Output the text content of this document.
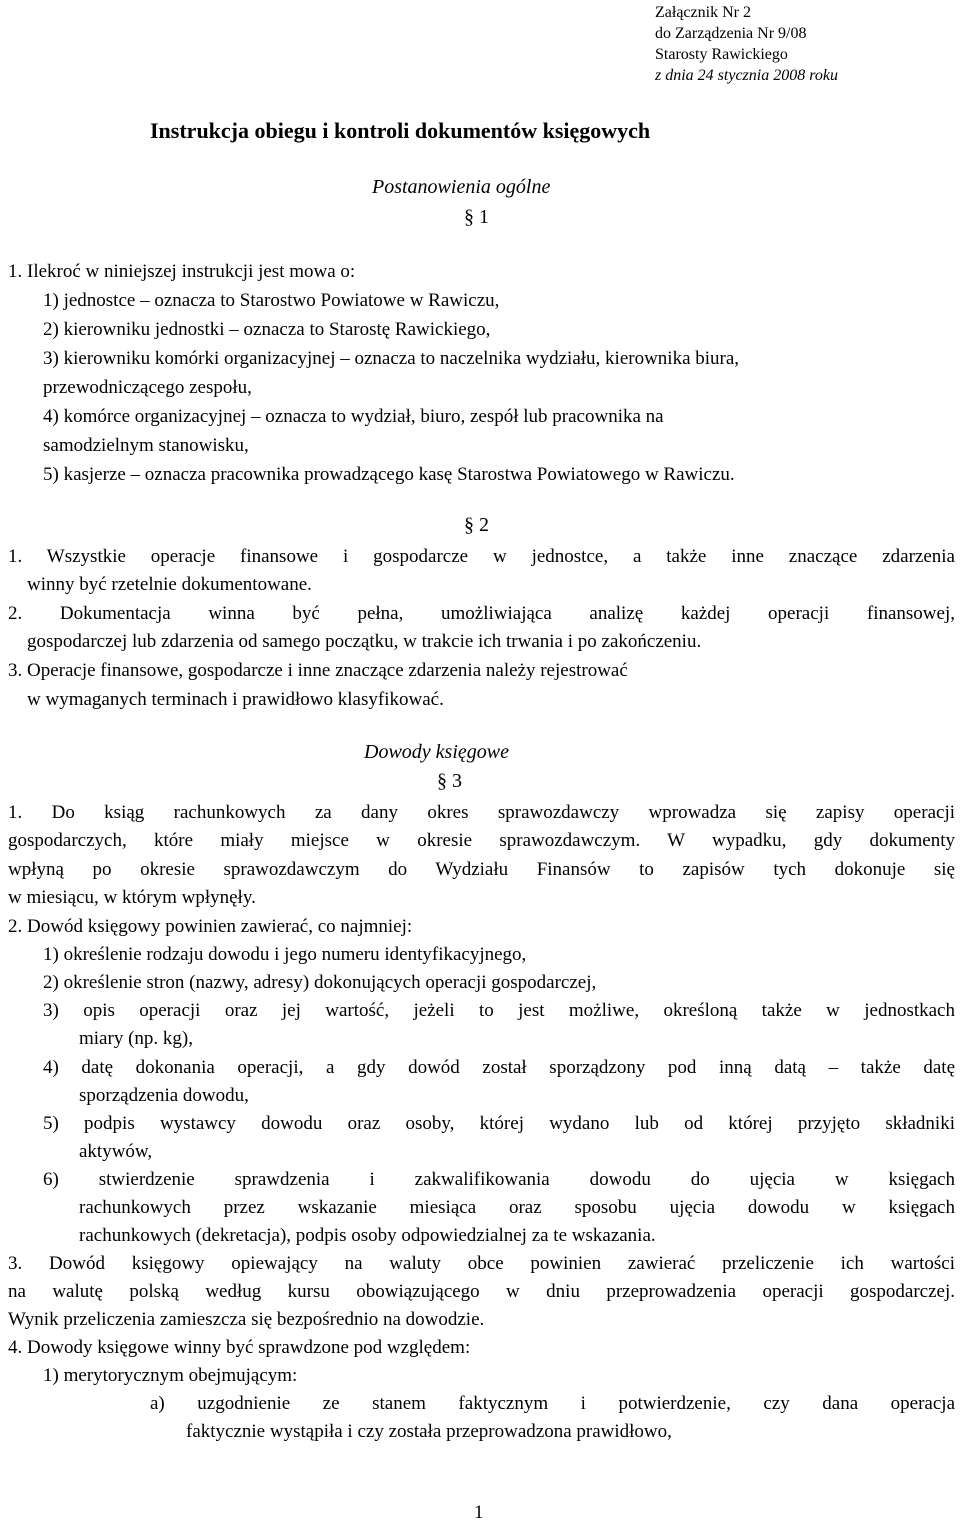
Załącznik Nr 2
do Zarządzenia Nr 9/08
Starosty Rawickiego
z dnia 24 stycznia 2008 roku
Instrukcja obiegu i kontroli dokumentów księgowych
Postanowienia ogólne
§ 1
1. Ilekroć w niniejszej instrukcji jest mowa o:
1) jednostce – oznacza to Starostwo Powiatowe w Rawiczu,
2) kierowniku jednostki – oznacza to Starostę Rawickiego,
3) kierowniku komórki organizacyjnej – oznacza to naczelnika wydziału, kierownika biura,
przewodniczącego zespołu,
4) komórce organizacyjnej – oznacza to wydział, biuro, zespół lub pracownika na
samodzielnym stanowisku,
5) kasjerze – oznacza pracownika prowadzącego kasę Starostwa Powiatowego w Rawiczu.
§ 2
1. Wszystkie operacje finansowe i gospodarcze w jednostce, a także inne znaczące zdarzenia
winny być rzetelnie dokumentowane.
2. Dokumentacja winna być pełna, umożliwiająca analizę każdej operacji finansowej,
gospodarczej lub zdarzenia od samego początku, w trakcie ich trwania i po zakończeniu.
3. Operacje finansowe, gospodarcze i inne znaczące zdarzenia należy rejestrować
w wymaganych terminach i prawidłowo klasyfikować.
Dowody księgowe
§ 3
1. Do ksiąg rachunkowych za dany okres sprawozdawczy wprowadza się zapisy operacji
gospodarczych, które miały miejsce w okresie sprawozdawczym. W wypadku, gdy dokumenty
wpłyną po okresie sprawozdawczym do Wydziału Finansów to zapisów tych dokonuje się
w miesiącu, w którym wpłynęły.
2. Dowód księgowy powinien zawierać, co najmniej:
1) określenie rodzaju dowodu i jego numeru identyfikacyjnego,
2) określenie stron (nazwy, adresy) dokonujących operacji gospodarczej,
3) opis operacji oraz jej wartość, jeżeli to jest możliwe, określoną także w jednostkach
miary (np. kg),
4) datę dokonania operacji, a gdy dowód został sporządzony pod inną datą – także datę
sporządzenia dowodu,
5) podpis wystawcy dowodu oraz osoby, której wydano lub od której przyjęto składniki
aktywów,
6) stwierdzenie sprawdzenia i zakwalifikowania dowodu do ujęcia w księgach
rachunkowych przez wskazanie miesiąca oraz sposobu ujęcia dowodu w księgach
rachunkowych (dekretacja), podpis osoby odpowiedzialnej za te wskazania.
3. Dowód księgowy opiewający na waluty obce powinien zawierać przeliczenie ich wartości
na walutę polską według kursu obowiązującego w dniu przeprowadzenia operacji gospodarczej.
Wynik przeliczenia zamieszcza się bezpośrednio na dowodzie.
4. Dowody księgowe winny być sprawdzone pod względem:
1) merytorycznym obejmującym:
a) uzgodnienie ze stanem faktycznym i potwierdzenie, czy dana operacja
faktycznie wystąpiła i czy została przeprowadzona prawidłowo,
1
